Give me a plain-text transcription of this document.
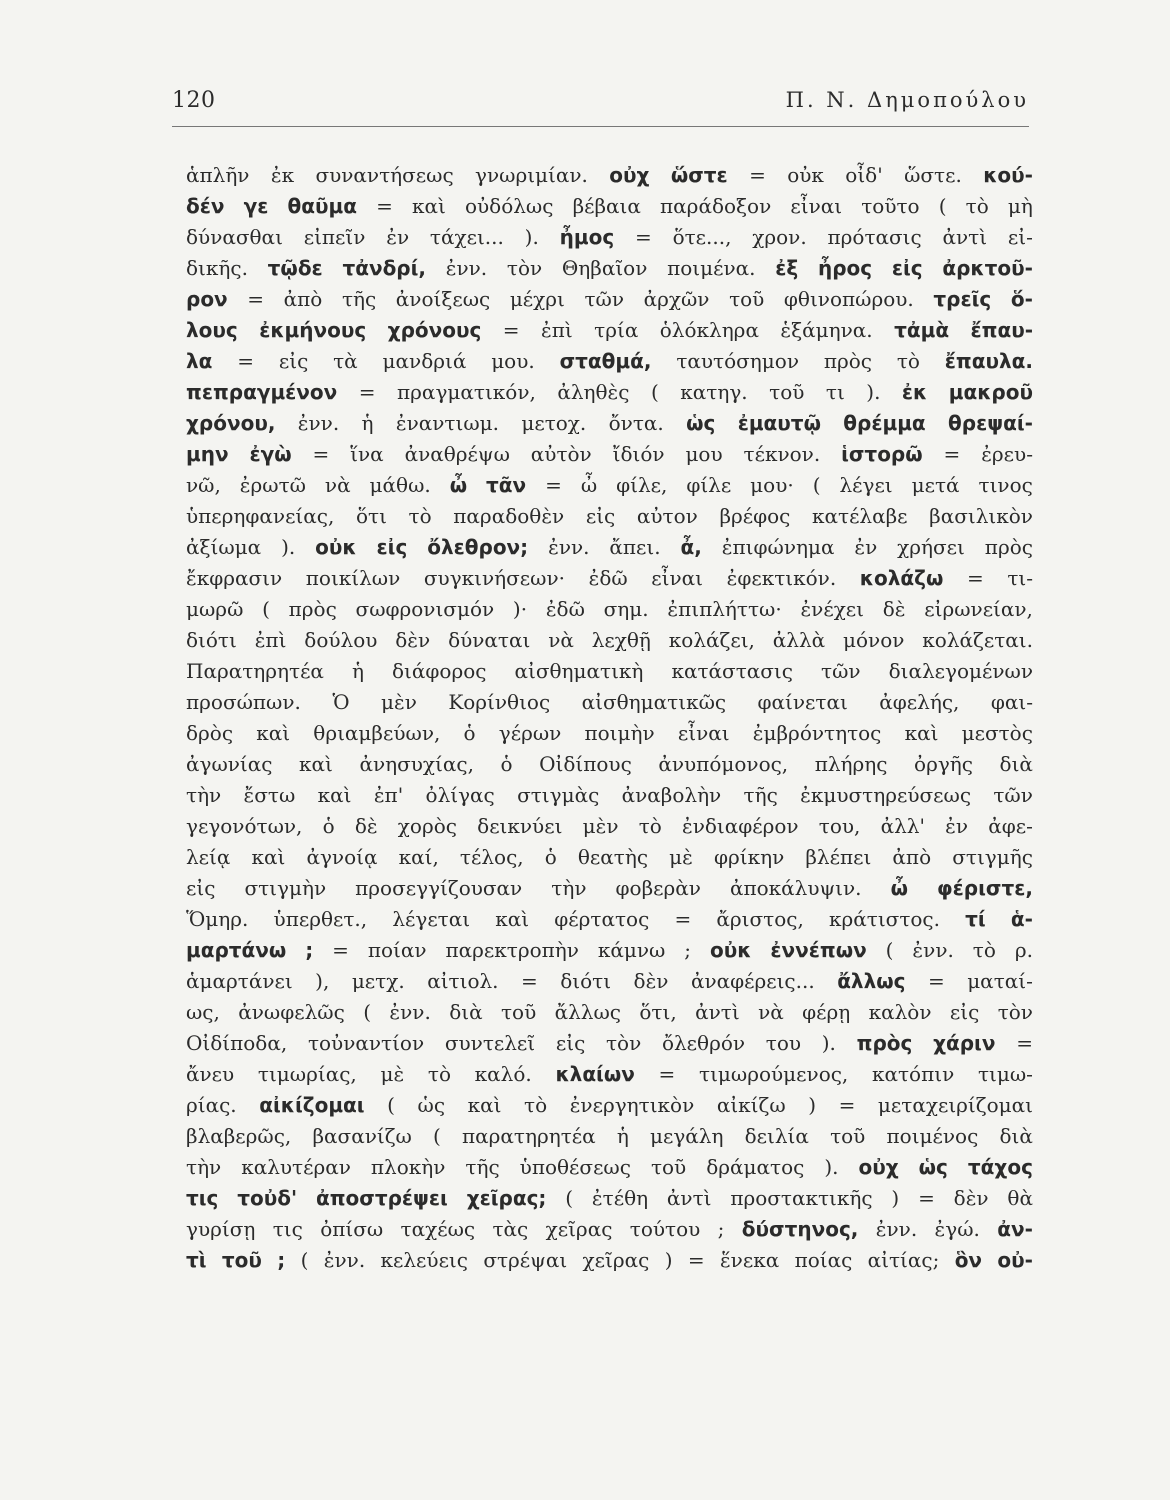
120	Π. Ν. Δημοπούλου
ἁπλῆν ἐκ συναντήσεως γνωριμίαν. οὐχ ὥστε = οὐκ οἶδ' ὥστε. κού-
δέν γε θαῦμα = καὶ οὐδόλως βέβαια παράδοξον εἶναι τοῦτο ( τὸ μὴ
δύνασθαι εἰπεῖν ἐν τάχει... ). ἦμος = ὅτε..., χρον. πρότασις ἀντὶ εἰ-
δικῆς. τῷδε τἀνδρί, ἐνν. τὸν Θηβαῖον ποιμένα. ἐξ ἦρος εἰς ἀρκτοῦ-
ρον = ἀπὸ τῆς ἀνοίξεως μέχρι τῶν ἀρχῶν τοῦ φθινοπώρου. τρεῖς ὅ-
λους ἐκμήνους χρόνους = ἐπὶ τρία ὁλόκληρα ἑξάμηνα. τἀμὰ ἔπαυ-
λα = εἰς τὰ μανδριά μου. σταθμά, ταυτόσημον πρὸς τὸ ἔπαυλα.
πεπραγμένον = πραγματικόν, ἀληθὲς ( κατηγ. τοῦ τι ). ἐκ μακροῦ
χρόνου, ἐνν. ἡ ἐναντιωμ. μετοχ. ὄντα. ὡς ἐμαυτῷ θρέμμα θρεψαί-
μην ἐγὼ = ἵνα ἀναθρέψω αὐτὸν ἴδιόν μου τέκνον. ἱστορῶ = ἐρευ-
νῶ, ἐρωτῶ νὰ μάθω. ὦ τᾶν = ὦ φίλε, φίλε μου· ( λέγει μετά τινος
ὑπερηφανείας, ὅτι τὸ παραδοθὲν εἰς αὐτον βρέφος κατέλαβε βασιλικὸν
ἀξίωμα ). οὐκ εἰς ὄλεθρον; ἐνν. ἄπει. ἆ, ἐπιφώνημα ἐν χρήσει πρὸς
ἔκφρασιν ποικίλων συγκινήσεων· ἐδῶ εἶναι ἐφεκτικόν. κολάζω = τι-
μωρῶ ( πρὸς σωφρονισμόν )· ἐδῶ σημ. ἐπιπλήττω· ἐνέχει δὲ εἰρωνείαν,
διότι ἐπὶ δούλου δὲν δύναται νὰ λεχθῇ κολάζει, ἀλλὰ μόνον κολάζεται.
Παρατηρητέα ἡ διάφορος αἰσθηματικὴ κατάστασις τῶν διαλεγομένων
προσώπων. Ὁ μὲν Κορίνθιος αἰσθηματικῶς φαίνεται ἀφελής, φαι-
δρὸς καὶ θριαμβεύων, ὁ γέρων ποιμὴν εἶναι ἐμβρόντητος καὶ μεστὸς
ἀγωνίας καὶ ἀνησυχίας, ὁ Οἰδίπους ἀνυπόμονος, πλήρης ὀργῆς διὰ
τὴν ἔστω καὶ ἐπ' ὀλίγας στιγμὰς ἀναβολὴν τῆς ἐκμυστηρεύσεως τῶν
γεγονότων, ὁ δὲ χορὸς δεικνύει μὲν τὸ ἐνδιαφέρον του, ἀλλ' ἐν ἀφε-
λείᾳ καὶ ἀγνοίᾳ καί, τέλος, ὁ θεατὴς μὲ φρίκην βλέπει ἀπὸ στιγμῆς
εἰς στιγμὴν προσεγγίζουσαν τὴν φοβερὰν ἀποκάλυψιν. ὦ φέριστε,
Ὅμηρ. ὑπερθετ., λέγεται καὶ φέρτατος = ἄριστος, κράτιστος. τί ἁ-
μαρτάνω ; = ποίαν παρεκτροπὴν κάμνω ; οὐκ ἐννέπων ( ἐνν. τὸ ρ.
ἁμαρτάνει ), μετχ. αἰτιολ. = διότι δὲν ἀναφέρεις... ἄλλως = ματαί-
ως, ἀνωφελῶς ( ἐνν. διὰ τοῦ ἄλλως ὅτι, ἀντὶ νὰ φέρῃ καλὸν εἰς τὸν
Οἰδίποδα, τοὐναντίον συντελεῖ εἰς τὸν ὄλεθρόν του ). πρὸς χάριν =
ἄνευ τιμωρίας, μὲ τὸ καλό. κλαίων = τιμωρούμενος, κατόπιν τιμω-
ρίας. αἰκίζομαι ( ὡς καὶ τὸ ἐνεργητικὸν αἰκίζω ) = μεταχειρίζομαι
βλαβερῶς, βασανίζω ( παρατηρητέα ἡ μεγάλη δειλία τοῦ ποιμένος διὰ
τὴν καλυτέραν πλοκὴν τῆς ὑποθέσεως τοῦ δράματος ). οὐχ ὡς τάχος
τις τοὐδ' ἀποστρέψει χεῖρας; ( ἐτέθη ἀντὶ προστακτικῆς ) = δὲν θὰ
γυρίσῃ τις ὀπίσω ταχέως τὰς χεῖρας τούτου ; δύστηνος, ἐνν. ἐγώ. ἀν-
τὶ τοῦ ; ( ἐνν. κελεύεις στρέψαι χεῖρας ) = ἕνεκα ποίας αἰτίας; ὃν οὐ-
